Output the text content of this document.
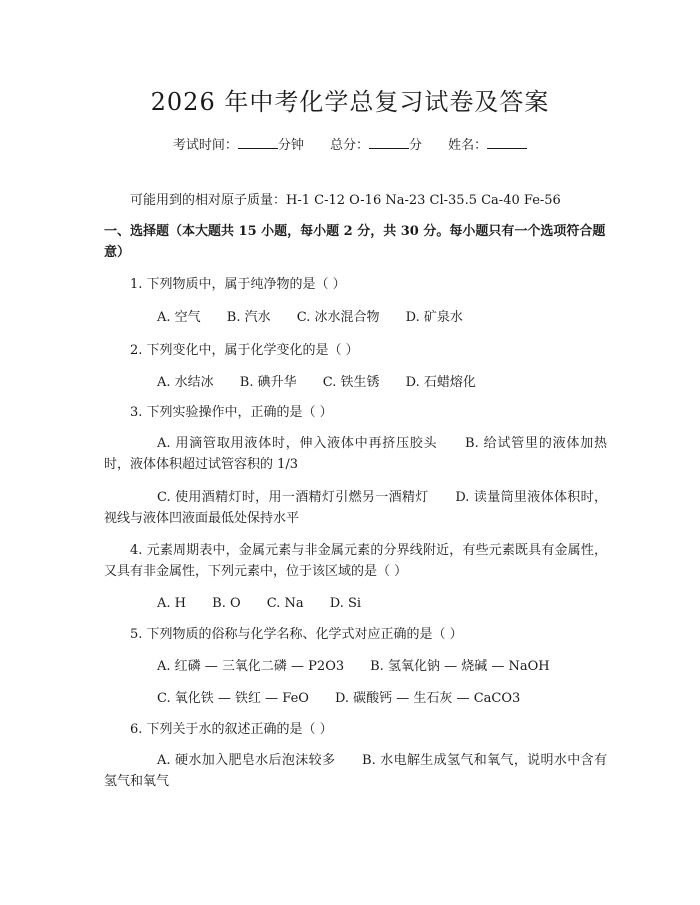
2026 年中考化学总复习试卷及答案
考试时间：	分钟 总分：	分 姓名：
可能用到的相对原子质量：H-1 C-12 O-16 Na-23 Cl-35.5 Ca-40 Fe-56
一、选择题（本大题共 15 小题，每小题 2 分，共 30 分。每小题只有一个选项符合题意）
1. 下列物质中，属于纯净物的是（ ）
A. 空气 B. 汽水 C. 冰水混合物 D. 矿泉水
2. 下列变化中，属于化学变化的是（ ）
A. 水结冰 B. 碘升华 C. 铁生锈 D. 石蜡熔化
3. 下列实验操作中，正确的是（ ）
A. 用滴管取用液体时，伸入液体中再挤压胶头　　B. 给试管里的液体加热时，液体体积超过试管容积的 1/3
C. 使用酒精灯时，用一酒精灯引燃另一酒精灯　　D. 读量筒里液体体积时，视线与液体凹液面最低处保持水平
4. 元素周期表中，金属元素与非金属元素的分界线附近，有些元素既具有金属性，又具有非金属性，下列元素中，位于该区域的是（ ）
A. H B. O C. Na D. Si
5. 下列物质的俗称与化学名称、化学式对应正确的是（ ）
A. 红磷 — 三氧化二磷 — P2O3　　B. 氢氧化钠 — 烧碱 — NaOH
C. 氧化铁 — 铁红 — FeO　　D. 碳酸钙 — 生石灰 — CaCO3
6. 下列关于水的叙述正确的是（ ）
A. 硬水加入肥皂水后泡沫较多　　B. 水电解生成氢气和氧气，说明水中含有氢气和氧气
